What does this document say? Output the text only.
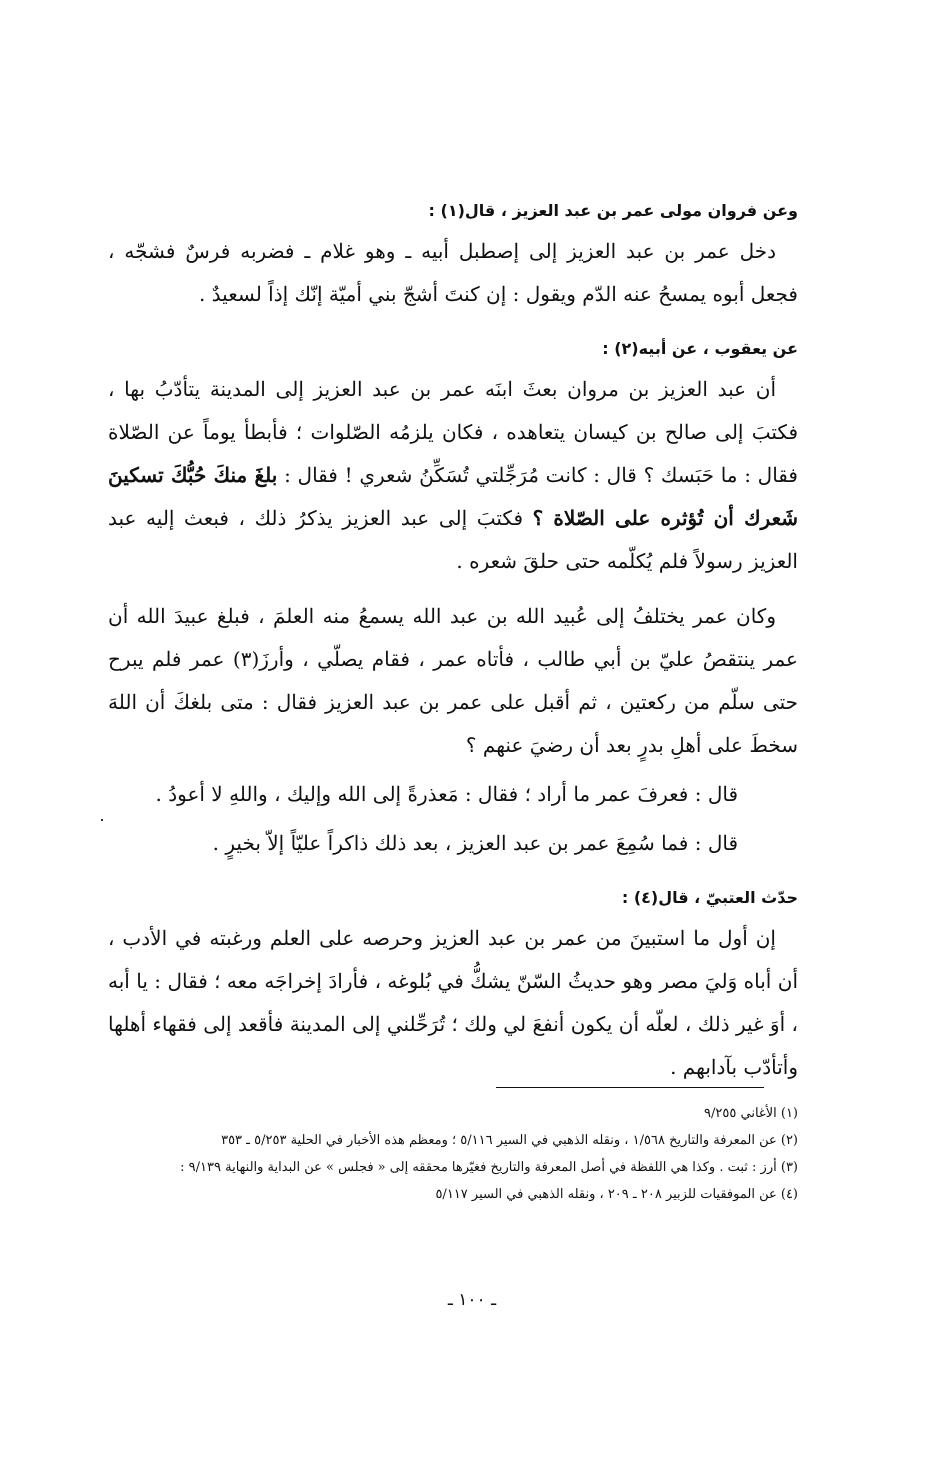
وعن فروان مولى عمر بن عبد العزيز ، قال(١) :

دخل عمر بن عبد العزيز إلى إصطبل أبيه ـ وهو غلام ـ فضربه فرسٌ فشجّه ، فجعل أبوه يمسحُ عنه الدّم ويقول : إن كنتَ أشجّ بني أميّة إنّك إذاً لسعيدٌ .

عن يعقوب ، عن أبيه(٢) :

أن عبد العزيز بن مروان بعثَ ابنَه عمر بن عبد العزيز إلى المدينة يتأدّبُ بها ، فكتبَ إلى صالح بن كيسان يتعاهده ، فكان يلزمُه الصّلوات ؛ فأبطأ يوماً عن الصّلاة فقال : ما حَبَسك ؟ قال : كانت مُرَجِّلتي تُسَكِّنُ شعري ! فقال : بلغَ منكَ حُبُّكَ تسكينَ شَعرك أن تُؤثره على الصّلاة ؟ فكتبَ إلى عبد العزيز يذكرُ ذلك ، فبعث إليه عبد العزيز رسولاً فلم يُكلّمه حتى حلقَ شعره .

وكان عمر يختلفُ إلى عُبيد الله بن عبد الله يسمعُ منه العلمَ ، فبلغ عبيدَ الله أن عمر ينتقصُ عليّ بن أبي طالب ، فأتاه عمر ، فقام يصلّي ، وأرزَ(٣) عمر فلم يبرح حتى سلّم من ركعتين ، ثم أقبل على عمر بن عبد العزيز فقال : متى بلغكَ أن اللهَ سخطَ على أهلِ بدرٍ بعد أن رضيَ عنهم ؟

قال : فعرفَ عمر ما أراد ؛ فقال : مَعذرةً إلى الله وإليك ، واللهِ لا أعودُ .

قال : فما سُمِعَ عمر بن عبد العزيز ، بعد ذلك ذاكراً عليّاً إلاّ بخيرٍ .

حدّث العتبيّ ، قال(٤) :

إن أول ما استبينَ من عمر بن عبد العزيز وحرصه على العلم ورغبته في الأدب ، أن أباه وَليَ مصر وهو حديثُ السّنّ يشكُّ في بُلوغه ، فأرادَ إخراجَه معه ؛ فقال : يا أبه ، أوَ غير ذلك ، لعلّه أن يكون أنفعَ لي ولك ؛ تُرَحِّلني إلى المدينة فأقعد إلى فقهاء أهلها وأتأدّب بآدابهم .

(١) الأغاني ٩/٢٥٥

(٢) عن المعرفة والتاريخ ١/٥٦٨ ، ونقله الذهبي في السير ٥/١١٦ ؛ ومعظم هذه الأخبار في الحلية ٥/٢٥٣ ـ ٣٥٣

(٣) أرز : ثبت . وكذا هي اللفظة في أصل المعرفة والتاريخ فغيّرها محققه إلى « فجلس » عن البداية والنهاية ٩/١٣٩ :

(٤) عن الموفقيات للزبير ٢٠٨ ـ ٢٠٩ ، ونقله الذهبي في السير ٥/١١٧

ـ ١٠٠ ـ
